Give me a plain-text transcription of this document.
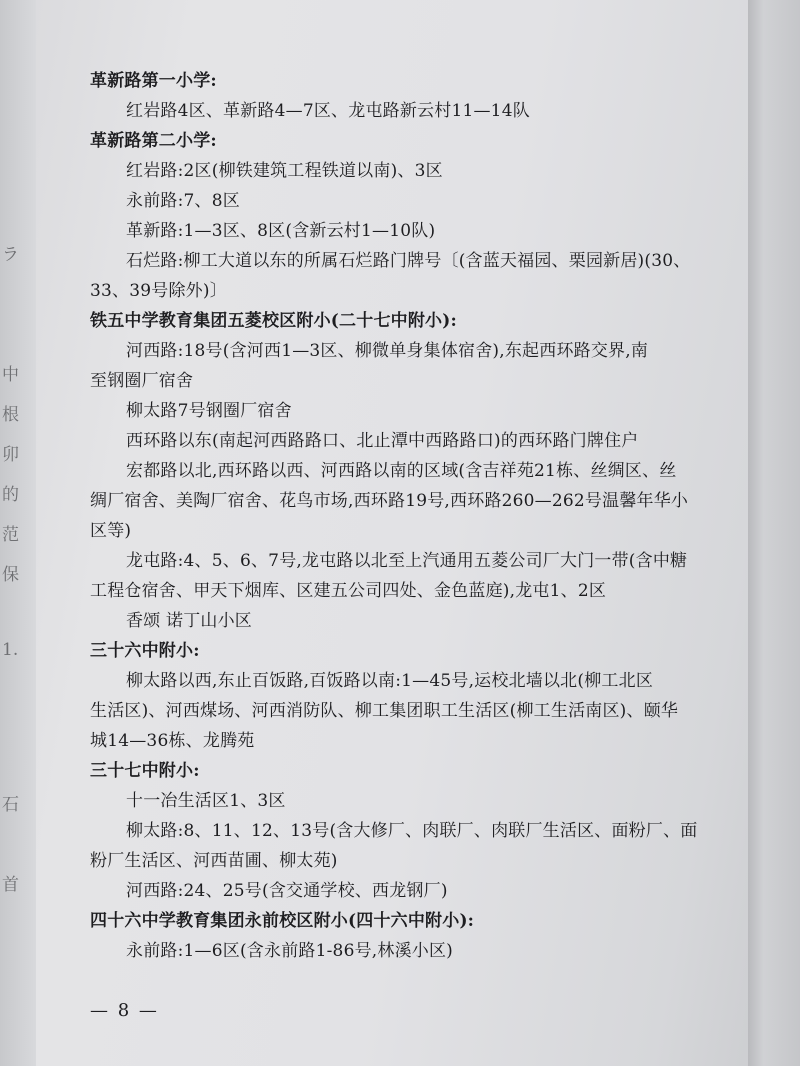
ラ
中
根
卯
的
范
保
1.
石
首
革新路第一小学:
红岩路4区、革新路4—7区、龙屯路新云村11—14队
革新路第二小学:
红岩路:2区(柳铁建筑工程铁道以南)、3区
永前路:7、8区
革新路:1—3区、8区(含新云村1—10队)
石烂路:柳工大道以东的所属石烂路门牌号〔(含蓝天福园、栗园新居)(30、
33、39号除外)〕
铁五中学教育集团五菱校区附小(二十七中附小):
河西路:18号(含河西1—3区、柳微单身集体宿舍),东起西环路交界,南
至钢圈厂宿舍
柳太路7号钢圈厂宿舍
西环路以东(南起河西路路口、北止潭中西路路口)的西环路门牌住户
宏都路以北,西环路以西、河西路以南的区域(含吉祥苑21栋、丝绸区、丝
绸厂宿舍、美陶厂宿舍、花鸟市场,西环路19号,西环路260—262号温馨年华小
区等)
龙屯路:4、5、6、7号,龙屯路以北至上汽通用五菱公司厂大门一带(含中糖
工程仓宿舍、甲天下烟库、区建五公司四处、金色蓝庭),龙屯1、2区
香颂 诺丁山小区
三十六中附小:
柳太路以西,东止百饭路,百饭路以南:1—45号,运校北墙以北(柳工北区
生活区)、河西煤场、河西消防队、柳工集团职工生活区(柳工生活南区)、颐华
城14—36栋、龙腾苑
三十七中附小:
十一冶生活区1、3区
柳太路:8、11、12、13号(含大修厂、肉联厂、肉联厂生活区、面粉厂、面
粉厂生活区、河西苗圃、柳太苑)
河西路:24、25号(含交通学校、西龙钢厂)
四十六中学教育集团永前校区附小(四十六中附小):
永前路:1—6区(含永前路1-86号,林溪小区)
— 8 —
